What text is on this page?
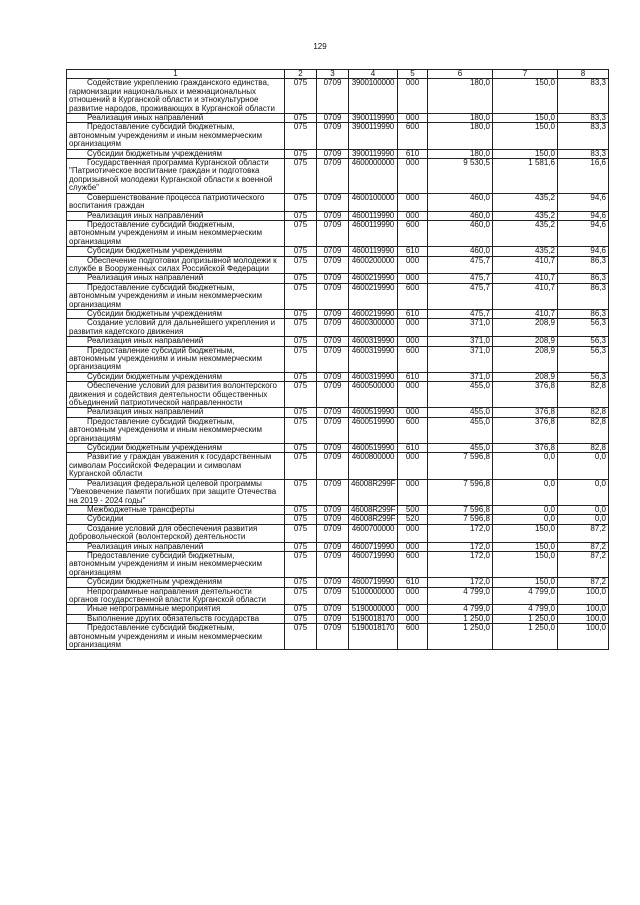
129
1	2	3	4	5	6	7	8
Содействие укреплению гражданского единства, гармонизации национальных и межнациональных отношений в Курганской области и этнокультурное развитие народов, проживающих в Курганской области	075	0709	3900100000	000	180,0	150,0	83,3
Реализация иных направлений	075	0709	3900119990	000	180,0	150,0	83,3
Предоставление субсидий бюджетным, автономным учреждениям и иным некоммерческим организациям	075	0709	3900119990	600	180,0	150,0	83,3
Субсидии бюджетным учреждениям	075	0709	3900119990	610	180,0	150,0	83,3
Государственная программа Курганской области "Патриотическое воспитание граждан и подготовка допризывной молодежи Курганской области к военной службе"	075	0709	4600000000	000	9 530,5	1 581,6	16,6
Совершенствование процесса патриотического воспитания граждан	075	0709	4600100000	000	460,0	435,2	94,6
Реализация иных направлений	075	0709	4600119990	000	460,0	435,2	94,6
Предоставление субсидий бюджетным, автономным учреждениям и иным некоммерческим организациям	075	0709	4600119990	600	460,0	435,2	94,6
Субсидии бюджетным учреждениям	075	0709	4600119990	610	460,0	435,2	94,6
Обеспечение подготовки допризывной молодежи к службе в Вооруженных силах Российской Федерации	075	0709	4600200000	000	475,7	410,7	86,3
Реализация иных направлений	075	0709	4600219990	000	475,7	410,7	86,3
Предоставление субсидий бюджетным, автономным учреждениям и иным некоммерческим организациям	075	0709	4600219990	600	475,7	410,7	86,3
Субсидии бюджетным учреждениям	075	0709	4600219990	610	475,7	410,7	86,3
Создание условий для дальнейшего укрепления и развития кадетского движения	075	0709	4600300000	000	371,0	208,9	56,3
Реализация иных направлений	075	0709	4600319990	000	371,0	208,9	56,3
Предоставление субсидий бюджетным, автономным учреждениям и иным некоммерческим организациям	075	0709	4600319990	600	371,0	208,9	56,3
Субсидии бюджетным учреждениям	075	0709	4600319990	610	371,0	208,9	56,3
Обеспечение условий для развития волонтерского движения и содействия деятельности общественных объединений патриотической направленности	075	0709	4600500000	000	455,0	376,8	82,8
Реализация иных направлений	075	0709	4600519990	000	455,0	376,8	82,8
Предоставление субсидий бюджетным, автономным учреждениям и иным некоммерческим организациям	075	0709	4600519990	600	455,0	376,8	82,8
Субсидии бюджетным учреждениям	075	0709	4600519990	610	455,0	376,8	82,8
Развитие у граждан уважения к государственным символам Российской Федерации и символам Курганской области	075	0709	4600800000	000	7 596,8	0,0	0,0
Реализация федеральной целевой программы "Увековечение памяти погибших при защите Отечества на 2019 - 2024 годы"	075	0709	46008R299F	000	7 596,8	0,0	0,0
Межбюджетные трансферты	075	0709	46008R299F	500	7 596,8	0,0	0,0
Субсидии	075	0709	46008R299F	520	7 596,8	0,0	0,0
Создание условий для обеспечения развития добровольческой (волонтерской) деятельности	075	0709	4600700000	000	172,0	150,0	87,2
Реализация иных направлений	075	0709	4600719990	000	172,0	150,0	87,2
Предоставление субсидий бюджетным, автономным учреждениям и иным некоммерческим организациям	075	0709	4600719990	600	172,0	150,0	87,2
Субсидии бюджетным учреждениям	075	0709	4600719990	610	172,0	150,0	87,2
Непрограммные направления деятельности органов государственной власти Курганской области	075	0709	5100000000	000	4 799,0	4 799,0	100,0
Иные непрограммные мероприятия	075	0709	5190000000	000	4 799,0	4 799,0	100,0
Выполнение других обязательств государства	075	0709	5190018170	000	1 250,0	1 250,0	100,0
Предоставление субсидий бюджетным, автономным учреждениям и иным некоммерческим организациям	075	0709	5190018170	600	1 250,0	1 250,0	100,0
